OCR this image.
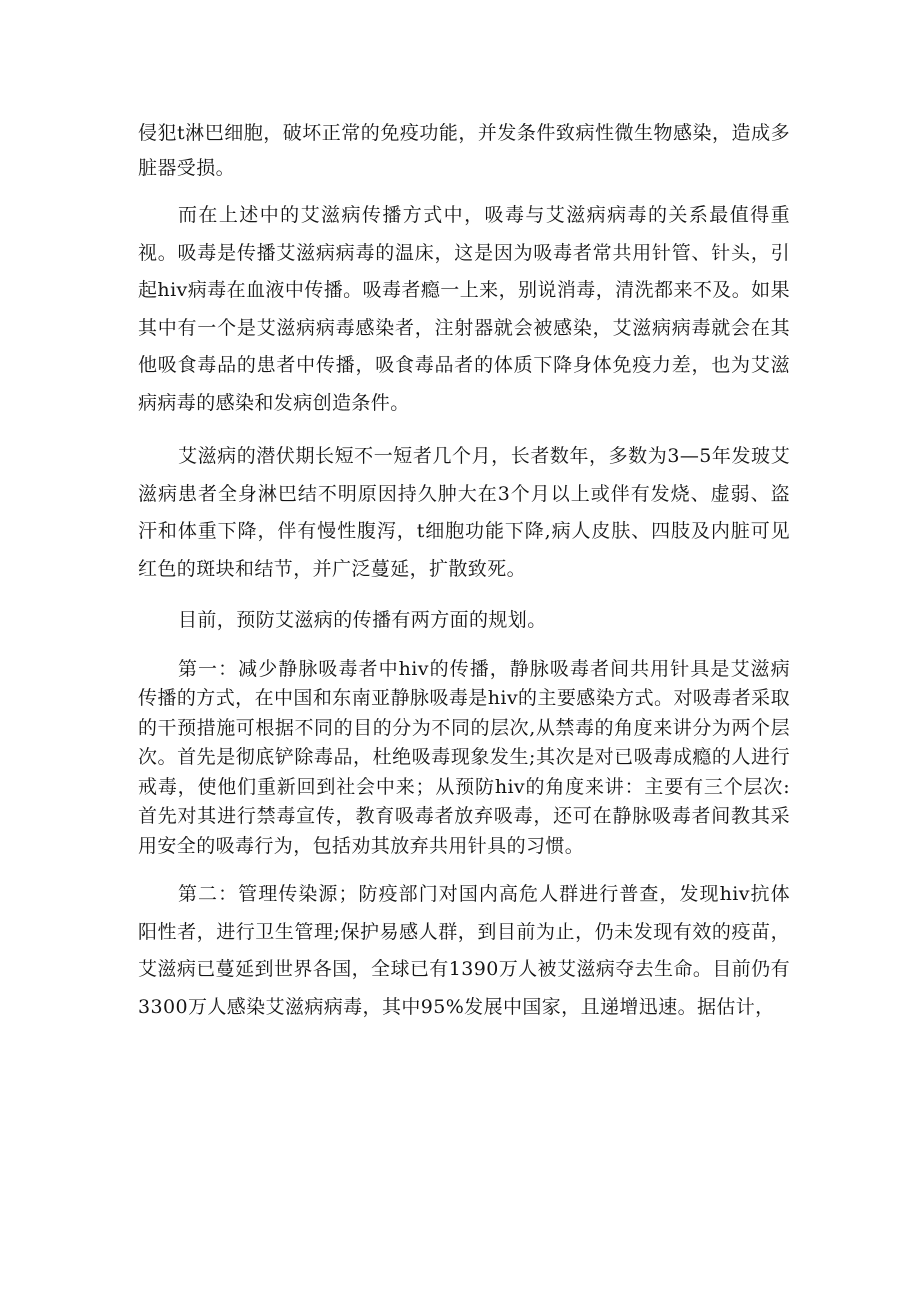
侵犯t淋巴细胞，破坏正常的免疫功能，并发条件致病性微生物感染，造成多脏器受损。

而在上述中的艾滋病传播方式中，吸毒与艾滋病病毒的关系最值得重视。吸毒是传播艾滋病病毒的温床，这是因为吸毒者常共用针管、针头，引起hiv病毒在血液中传播。吸毒者瘾一上来，别说消毒，清洗都来不及。如果其中有一个是艾滋病病毒感染者，注射器就会被感染，艾滋病病毒就会在其他吸食毒品的患者中传播，吸食毒品者的体质下降身体免疫力差，也为艾滋病病毒的感染和发病创造条件。

艾滋病的潜伏期长短不一短者几个月，长者数年，多数为3—5年发玻艾滋病患者全身淋巴结不明原因持久肿大在3个月以上或伴有发烧、虚弱、盗汗和体重下降，伴有慢性腹泻，t细胞功能下降,病人皮肤、四肢及内脏可见红色的斑块和结节，并广泛蔓延，扩散致死。

目前，预防艾滋病的传播有两方面的规划。

第一：减少静脉吸毒者中hiv的传播，静脉吸毒者间共用针具是艾滋病传播的方式，在中国和东南亚静脉吸毒是hiv的主要感染方式。对吸毒者采取的干预措施可根据不同的目的分为不同的层次,从禁毒的角度来讲分为两个层次。首先是彻底铲除毒品，杜绝吸毒现象发生;其次是对已吸毒成瘾的人进行戒毒，使他们重新回到社会中来；从预防hiv的角度来讲：主要有三个层次:首先对其进行禁毒宣传，教育吸毒者放弃吸毒，还可在静脉吸毒者间教其采用安全的吸毒行为，包括劝其放弃共用针具的习惯。

第二：管理传染源；防疫部门对国内高危人群进行普查，发现hiv抗体阳性者，进行卫生管理;保护易感人群，到目前为止，仍未发现有效的疫苗，艾滋病已蔓延到世界各国，全球已有1390万人被艾滋病夺去生命。目前仍有3300万人感染艾滋病病毒，其中95%发展中国家，且递增迅速。据估计，
